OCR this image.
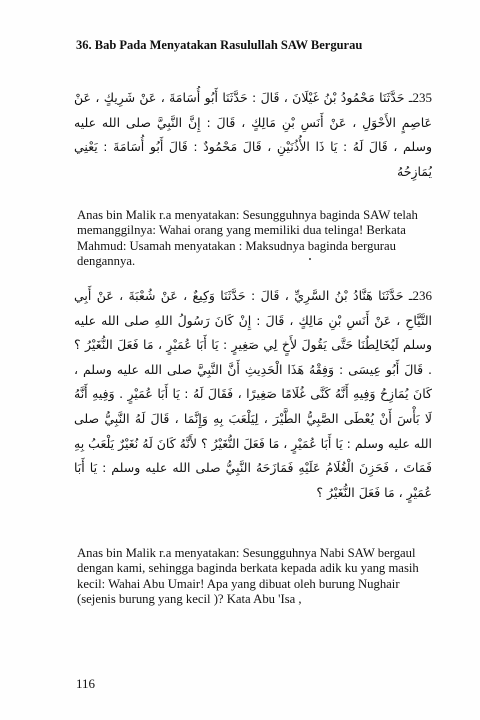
36. Bab Pada Menyatakan Rasulullah SAW Bergurau
235ـ حَدَّثَنَا مَحْمُودُ بْنُ غَيْلَانَ ، قَالَ : حَدَّثَنَا أَبُو أُسَامَةَ ، عَنْ شَرِيكٍ ، عَنْ عَاصِمٍ الأَحْوَلِ ، عَنْ أَنَسِ بْنِ مَالِكٍ ، قَالَ : إِنَّ النَّبِيَّ صلى الله عليه وسلم ، قَالَ لَهُ : يَا ذَا الأُذُنَيْنِ ، قَالَ مَحْمُودٌ : قَالَ أَبُو أُسَامَةَ : يَعْنِي يُمَازِحُهُ
Anas bin Malik r.a menyatakan: Sesungguhnya baginda SAW telah memanggilnya: Wahai orang yang memiliki dua telinga! Berkata Mahmud: Usamah menyatakan : Maksudnya baginda bergurau dengannya.
236ـ حَدَّثَنَا هَنَّادُ بْنُ السَّرِيِّ ، قَالَ : حَدَّثَنَا وَكِيعٌ ، عَنْ شُعْبَةَ ، عَنْ أَبِي التَّيَّاحِ ، عَنْ أَنَسِ بْنِ مَالِكٍ ، قَالَ : إِنْ كَانَ رَسُولُ اللهِ صلى الله عليه وسلم لَيُخَالِطُنَا حَتَّى يَقُولَ لأَخٍ لِي صَغِيرٍ : يَا أَبَا عُمَيْرٍ ، مَا فَعَلَ النُّغَيْرُ ؟ . قَالَ أَبُو عِيسَى : وَفِقْهُ هَذَا الْحَدِيثِ أَنَّ النَّبِيَّ صلى الله عليه وسلم ، كَانَ يُمَازِحُ وَفِيهِ أَنَّهُ كَنَّى غُلَامًا صَغِيرًا ، فَقَالَ لَهُ : يَا أَبَا عُمَيْرٍ . وَفِيهِ أَنَّهُ لَا بَأْسَ أَنْ يُعْطَى الصَّبِيُّ الطَّيْرَ ، لِيَلْعَبَ بِهِ وَإِنَّمَا ، قَالَ لَهُ النَّبِيُّ صلى الله عليه وسلم : يَا أَبَا عُمَيْرٍ ، مَا فَعَلَ النُّغَيْرُ ؟ لأَنَّهُ كَانَ لَهُ نُغَيْرٌ يَلْعَبُ بِهِ فَمَاتَ ، فَحَزِنَ الْغُلَامُ عَلَيْهِ فَمَازَحَهُ النَّبِيُّ صلى الله عليه وسلم : يَا أَبَا عُمَيْرٍ ، مَا فَعَلَ النُّغَيْرُ ؟
Anas bin Malik r.a menyatakan: Sesungguhnya Nabi SAW bergaul dengan kami, sehingga baginda berkata kepada adik ku yang masih kecil: Wahai Abu Umair! Apa yang dibuat oleh burung Nughair (sejenis burung yang kecil )? Kata Abu 'Isa ,
116
